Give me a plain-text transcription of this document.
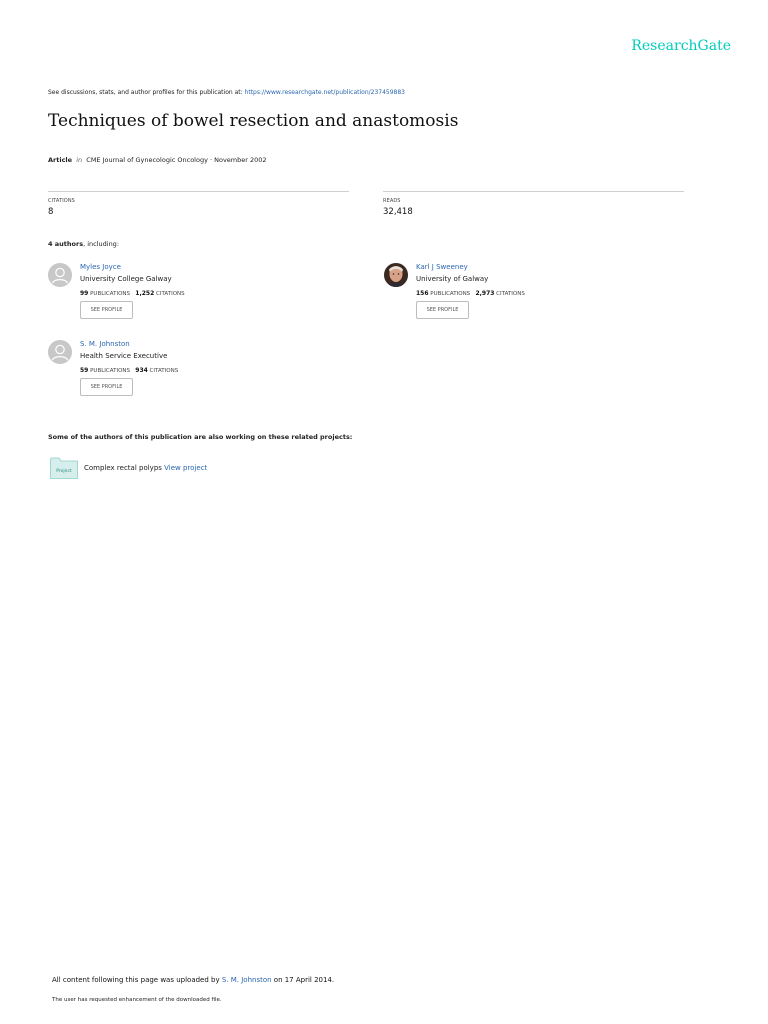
ResearchGate
See discussions, stats, and author profiles for this publication at: https://www.researchgate.net/publication/237459883
Techniques of bowel resection and anastomosis
Article in CME Journal of Gynecologic Oncology · November 2002
CITATIONS
8
READS
32,418
4 authors, including:
Myles Joyce
University College Galway
99 PUBLICATIONS 1,252 CITATIONS
SEE PROFILE
Karl J Sweeney
University of Galway
156 PUBLICATIONS 2,973 CITATIONS
SEE PROFILE
S. M. Johnston
Health Service Executive
59 PUBLICATIONS 934 CITATIONS
SEE PROFILE
Some of the authors of this publication are also working on these related projects:
Project Complex rectal polyps View project
All content following this page was uploaded by S. M. Johnston on 17 April 2014.
The user has requested enhancement of the downloaded file.
